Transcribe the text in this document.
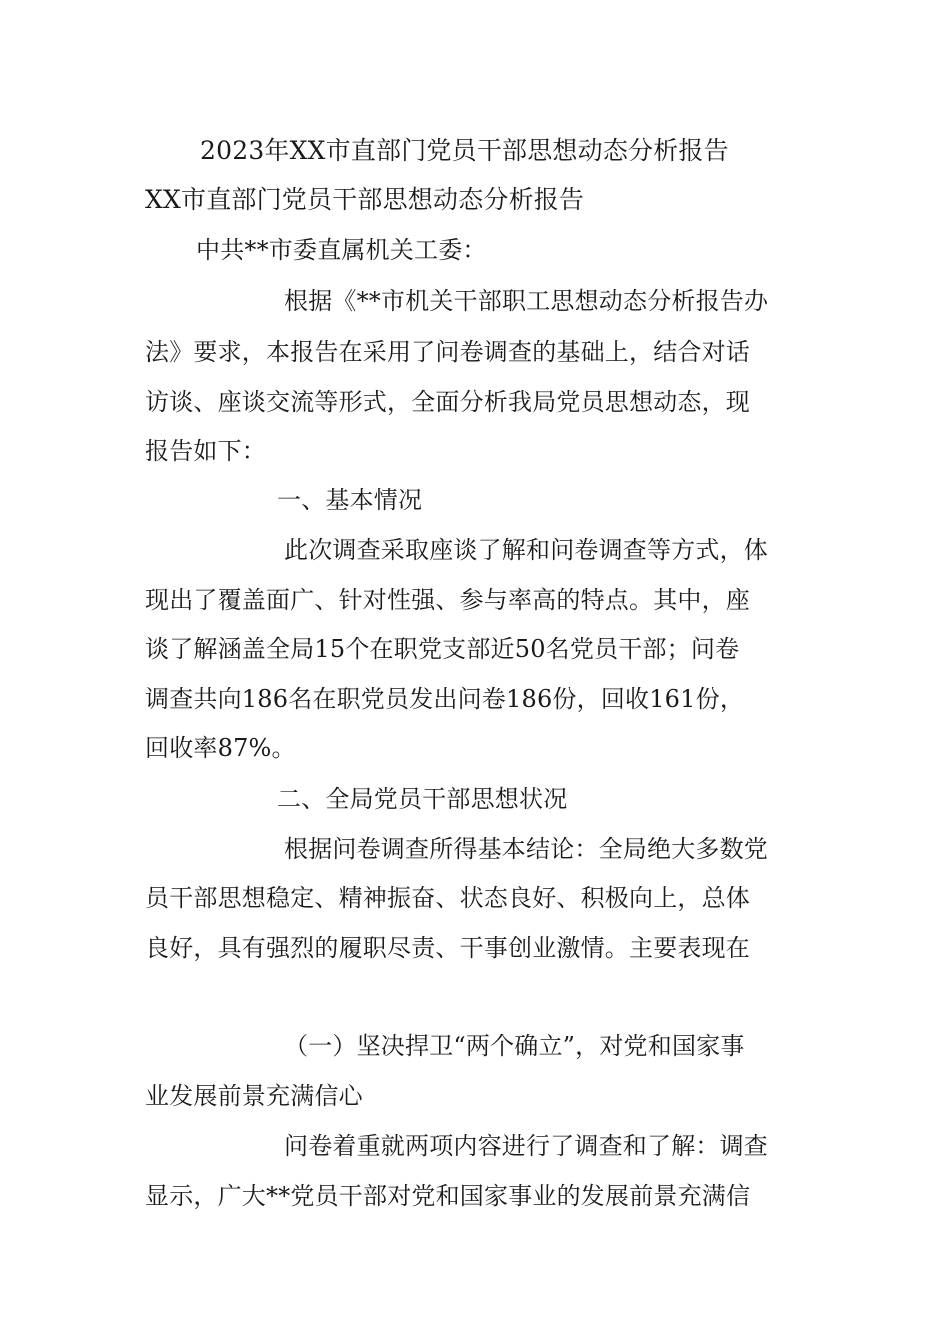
2023年XX市直部门党员干部思想动态分析报告
XX市直部门党员干部思想动态分析报告
中共**市委直属机关工委：
根据《**市机关干部职工思想动态分析报告办
法》要求，本报告在采用了问卷调查的基础上，结合对话
访谈、座谈交流等形式，全面分析我局党员思想动态，现
报告如下：
一、基本情况
此次调查采取座谈了解和问卷调查等方式，体
现出了覆盖面广、针对性强、参与率高的特点。其中，座
谈了解涵盖全局15个在职党支部近50名党员干部；问卷
调查共向186名在职党员发出问卷186份，回收161份，
回收率87%。
二、全局党员干部思想状况
根据问卷调查所得基本结论：全局绝大多数党
员干部思想稳定、精神振奋、状态良好、积极向上，总体
良好，具有强烈的履职尽责、干事创业激情。主要表现在
（一）坚决捍卫“两个确立”，对党和国家事
业发展前景充满信心
问卷着重就两项内容进行了调查和了解：调查
显示，广大**党员干部对党和国家事业的发展前景充满信
